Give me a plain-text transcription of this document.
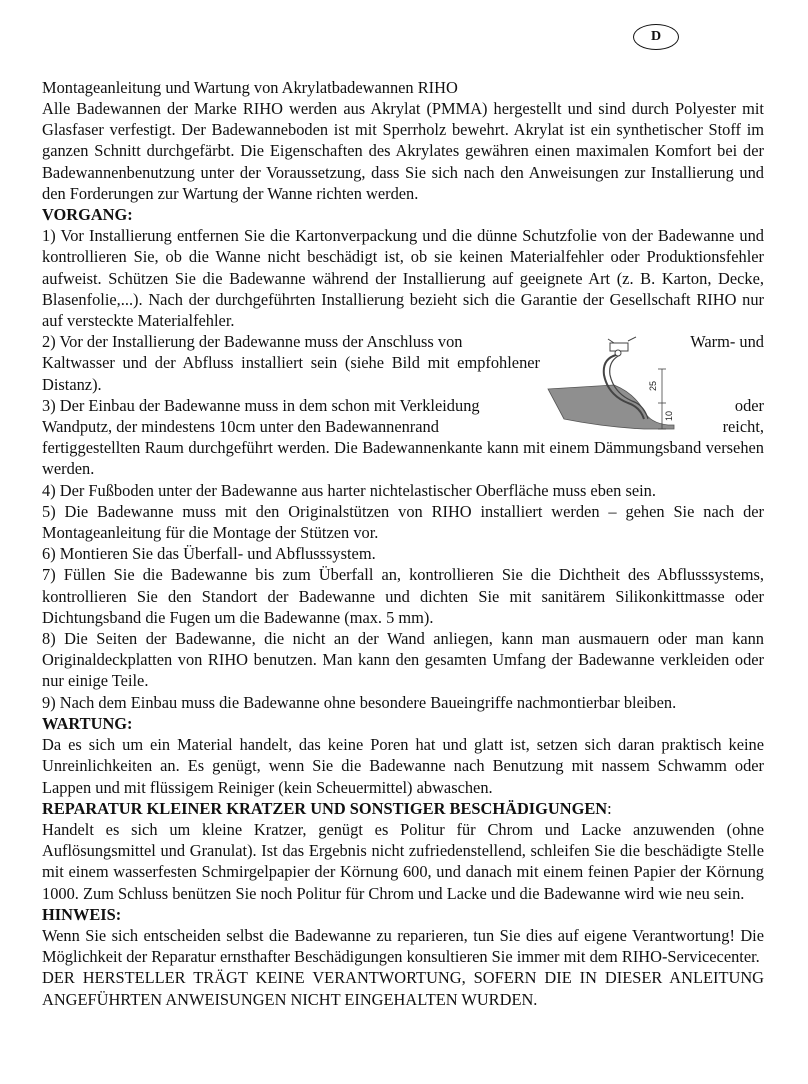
D
Montageanleitung und Wartung von Akrylatbadewannen RIHO

Alle Badewannen der Marke RIHO werden aus Akrylat (PMMA) hergestellt und sind durch Polyester mit Glasfaser verfestigt. Der Badewanneboden ist mit Sperrholz bewehrt. Akrylat ist ein synthetischer Stoff im ganzen Schnitt durchgefärbt. Die Eigenschaften des Akrylates gewähren einen maximalen Komfort bei der Badewannenbenutzung unter der Voraussetzung, dass Sie sich nach den Anweisungen zur Installierung und den Forderungen zur Wartung der Wanne richten werden.

VORGANG:

1) Vor Installierung entfernen Sie die Kartonverpackung und die dünne Schutzfolie von der Badewanne und kontrollieren Sie, ob die Wanne nicht beschädigt ist, ob sie keinen Materialfehler oder Produktionsfehler aufweist. Schützen Sie die Badewanne während der Installierung auf geeignete Art (z. B. Karton, Decke, Blasenfolie,...). Nach der durchgeführten Installierung bezieht sich die Garantie der Gesellschaft RIHO nur auf versteckte Materialfehler.

2) Vor der Installierung der Badewanne muss der Anschluss von	Warm- und

Kaltwasser und der Abfluss installiert sein (siehe Bild mit empfohlener Distanz).

3) Der Einbau der Badewanne muss in dem schon mit Verkleidung	oder
Wandputz, der mindestens 10cm unter den Badewannenrand	reicht,
25
10

fertiggestellten Raum durchgeführt werden. Die Badewannenkante kann mit einem Dämmungsband versehen werden.

4) Der Fußboden unter der Badewanne aus harter nichtelastischer Oberfläche muss eben sein.

5) Die Badewanne muss mit den Originalstützen von RIHO installiert werden – gehen Sie nach der Montageanleitung für die Montage der Stützen vor.

6) Montieren Sie das Überfall- und Abflusssystem.

7) Füllen Sie die Badewanne bis zum Überfall an, kontrollieren Sie die Dichtheit des Abflusssystems, kontrollieren Sie den Standort der Badewanne und dichten Sie mit sanitärem Silikonkittmasse oder Dichtungsband die Fugen um die Badewanne (max. 5 mm).

8) Die Seiten der Badewanne, die nicht an der Wand anliegen, kann man ausmauern oder man kann Originaldeckplatten von RIHO benutzen. Man kann den gesamten Umfang der Badewanne verkleiden oder nur einige Teile.

9) Nach dem Einbau muss die Badewanne ohne besondere Baueingriffe nachmontierbar bleiben.

WARTUNG:

Da es sich um ein Material handelt, das keine Poren hat und glatt ist, setzen sich daran praktisch keine Unreinlichkeiten an. Es genügt, wenn Sie die Badewanne nach Benutzung mit nassem Schwamm oder Lappen und mit flüssigem Reiniger (kein Scheuermittel) abwaschen.

REPARATUR KLEINER KRATZER UND SONSTIGER BESCHÄDIGUNGEN:

Handelt es sich um kleine Kratzer, genügt es Politur für Chrom und Lacke anzuwenden (ohne Auflösungsmittel und Granulat). Ist das Ergebnis nicht zufriedenstellend, schleifen Sie die beschädigte Stelle mit einem wasserfesten Schmirgelpapier der Körnung 600, und danach mit einem feinen Papier der Körnung 1000. Zum Schluss benützen Sie noch Politur für Chrom und Lacke und die Badewanne wird wie neu sein.

HINWEIS:

Wenn Sie sich entscheiden selbst die Badewanne zu reparieren, tun Sie dies auf eigene Verantwortung! Die Möglichkeit der Reparatur ernsthafter Beschädigungen konsultieren Sie immer mit dem RIHO-Servicecenter.

DER HERSTELLER TRÄGT KEINE VERANTWORTUNG, SOFERN DIE IN DIESER ANLEITUNG ANGEFÜHRTEN ANWEISUNGEN NICHT EINGEHALTEN WURDEN.
